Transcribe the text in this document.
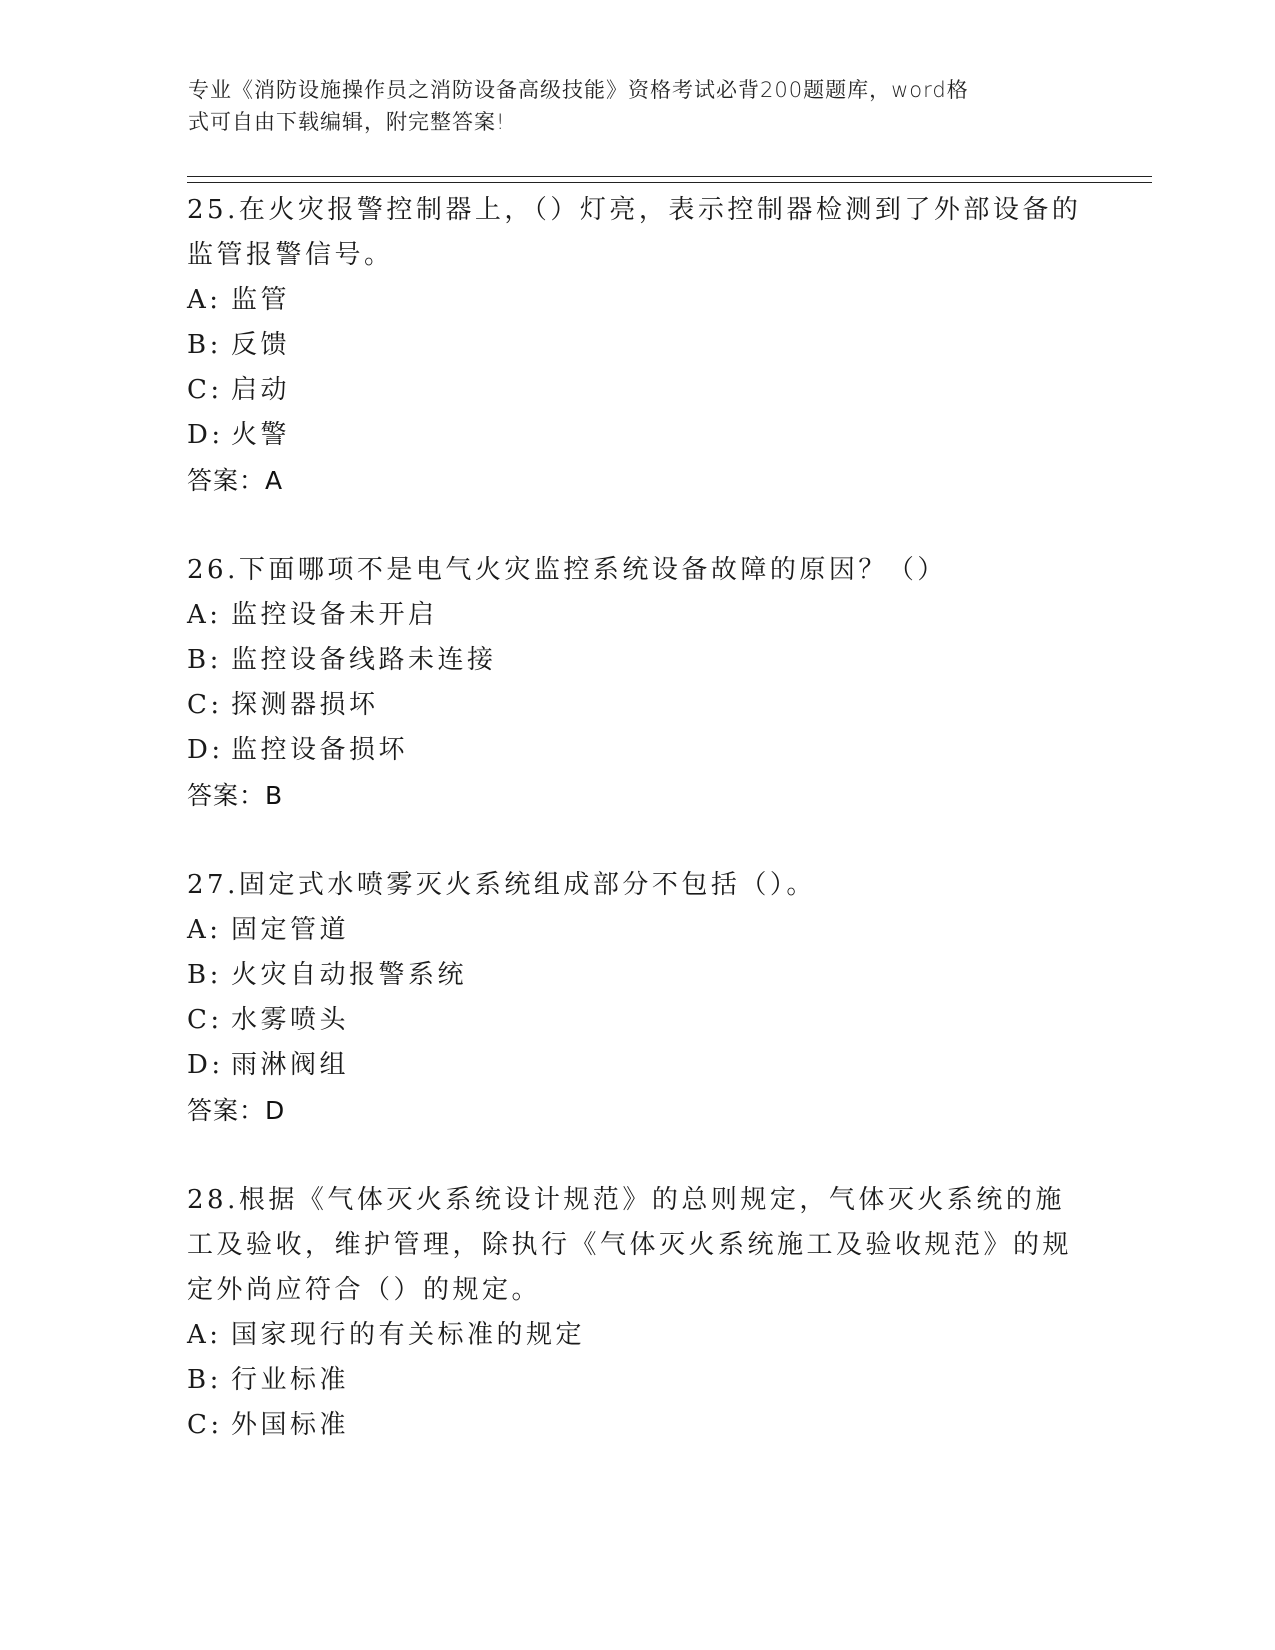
专业《消防设施操作员之消防设备高级技能》资格考试必背200题题库，word格
式可自由下载编辑，附完整答案!

25.在火灾报警控制器上，（）灯亮，表示控制器检测到了外部设备的监管报警信号。

A: 监管
B: 反馈
C: 启动
D: 火警
答案：A

26.下面哪项不是电气火灾监控系统设备故障的原因？（）

A: 监控设备未开启
B: 监控设备线路未连接
C: 探测器损坏
D: 监控设备损坏
答案：B

27.固定式水喷雾灭火系统组成部分不包括（）。

A: 固定管道
B: 火灾自动报警系统
C: 水雾喷头
D: 雨淋阀组
答案：D

28.根据《气体灭火系统设计规范》的总则规定，气体灭火系统的施工及验收，维护管理，除执行《气体灭火系统施工及验收规范》的规定外尚应符合（）的规定。

A: 国家现行的有关标准的规定
B: 行业标准
C: 外国标准
